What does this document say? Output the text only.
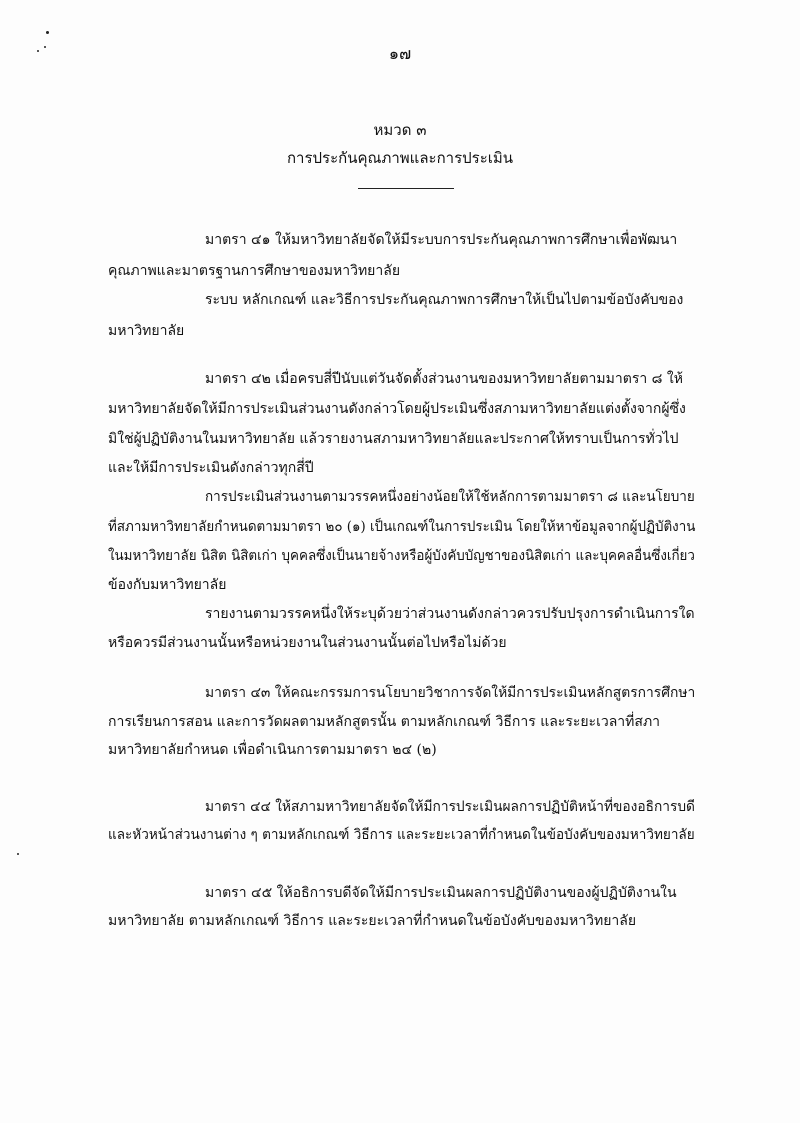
๑๗
หมวด ๓
การประกันคุณภาพและการประเมิน
มาตรา ๔๑ ให้มหาวิทยาลัยจัดให้มีระบบการประกันคุณภาพการศึกษาเพื่อพัฒนา
คุณภาพและมาตรฐานการศึกษาของมหาวิทยาลัย
ระบบ หลักเกณฑ์ และวิธีการประกันคุณภาพการศึกษาให้เป็นไปตามข้อบังคับของ
มหาวิทยาลัย
มาตรา ๔๒ เมื่อครบสี่ปีนับแต่วันจัดตั้งส่วนงานของมหาวิทยาลัยตามมาตรา ๘ ให้
มหาวิทยาลัยจัดให้มีการประเมินส่วนงานดังกล่าวโดยผู้ประเมินซึ่งสภามหาวิทยาลัยแต่งตั้งจากผู้ซึ่ง
มิใช่ผู้ปฏิบัติงานในมหาวิทยาลัย แล้วรายงานสภามหาวิทยาลัยและประกาศให้ทราบเป็นการทั่วไป
และให้มีการประเมินดังกล่าวทุกสี่ปี
การประเมินส่วนงานตามวรรคหนึ่งอย่างน้อยให้ใช้หลักการตามมาตรา ๘ และนโยบาย
ที่สภามหาวิทยาลัยกำหนดตามมาตรา ๒๐ (๑) เป็นเกณฑ์ในการประเมิน โดยให้หาข้อมูลจากผู้ปฏิบัติงาน
ในมหาวิทยาลัย นิสิต นิสิตเก่า บุคคลซึ่งเป็นนายจ้างหรือผู้บังคับบัญชาของนิสิตเก่า และบุคคลอื่นซึ่งเกี่ยว
ข้องกับมหาวิทยาลัย
รายงานตามวรรคหนึ่งให้ระบุด้วยว่าส่วนงานดังกล่าวควรปรับปรุงการดำเนินการใด
หรือควรมีส่วนงานนั้นหรือหน่วยงานในส่วนงานนั้นต่อไปหรือไม่ด้วย
มาตรา ๔๓ ให้คณะกรรมการนโยบายวิชาการจัดให้มีการประเมินหลักสูตรการศึกษา
การเรียนการสอน และการวัดผลตามหลักสูตรนั้น ตามหลักเกณฑ์ วิธีการ และระยะเวลาที่สภา
มหาวิทยาลัยกำหนด เพื่อดำเนินการตามมาตรา ๒๔ (๒)
มาตรา ๔๔ ให้สภามหาวิทยาลัยจัดให้มีการประเมินผลการปฏิบัติหน้าที่ของอธิการบดี
และหัวหน้าส่วนงานต่าง ๆ ตามหลักเกณฑ์ วิธีการ และระยะเวลาที่กำหนดในข้อบังคับของมหาวิทยาลัย
มาตรา ๔๕ ให้อธิการบดีจัดให้มีการประเมินผลการปฏิบัติงานของผู้ปฏิบัติงานใน
มหาวิทยาลัย ตามหลักเกณฑ์ วิธีการ และระยะเวลาที่กำหนดในข้อบังคับของมหาวิทยาลัย
